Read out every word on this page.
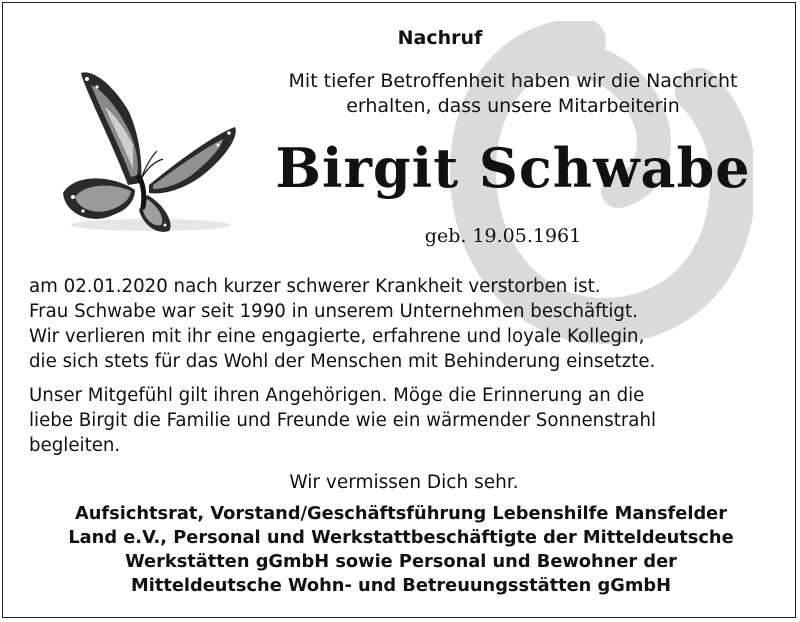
Nachruf
Mit tiefer Betroffenheit haben wir die Nachricht
erhalten, dass unsere Mitarbeiterin
Birgit Schwabe
geb. 19.05.1961
am 02.01.2020 nach kurzer schwerer Krankheit verstorben ist.
Frau Schwabe war seit 1990 in unserem Unternehmen beschäftigt.
Wir verlieren mit ihr eine engagierte, erfahrene und loyale Kollegin,
die sich stets für das Wohl der Menschen mit Behinderung einsetzte.
Unser Mitgefühl gilt ihren Angehörigen. Möge die Erinnerung an die
liebe Birgit die Familie und Freunde wie ein wärmender Sonnenstrahl
begleiten.
Wir vermissen Dich sehr.
Aufsichtsrat, Vorstand/Geschäftsführung Lebenshilfe Mansfelder
Land e.V., Personal und Werkstattbeschäftigte der Mitteldeutsche
Werkstätten gGmbH sowie Personal und Bewohner der
Mitteldeutsche Wohn- und Betreuungsstätten gGmbH
